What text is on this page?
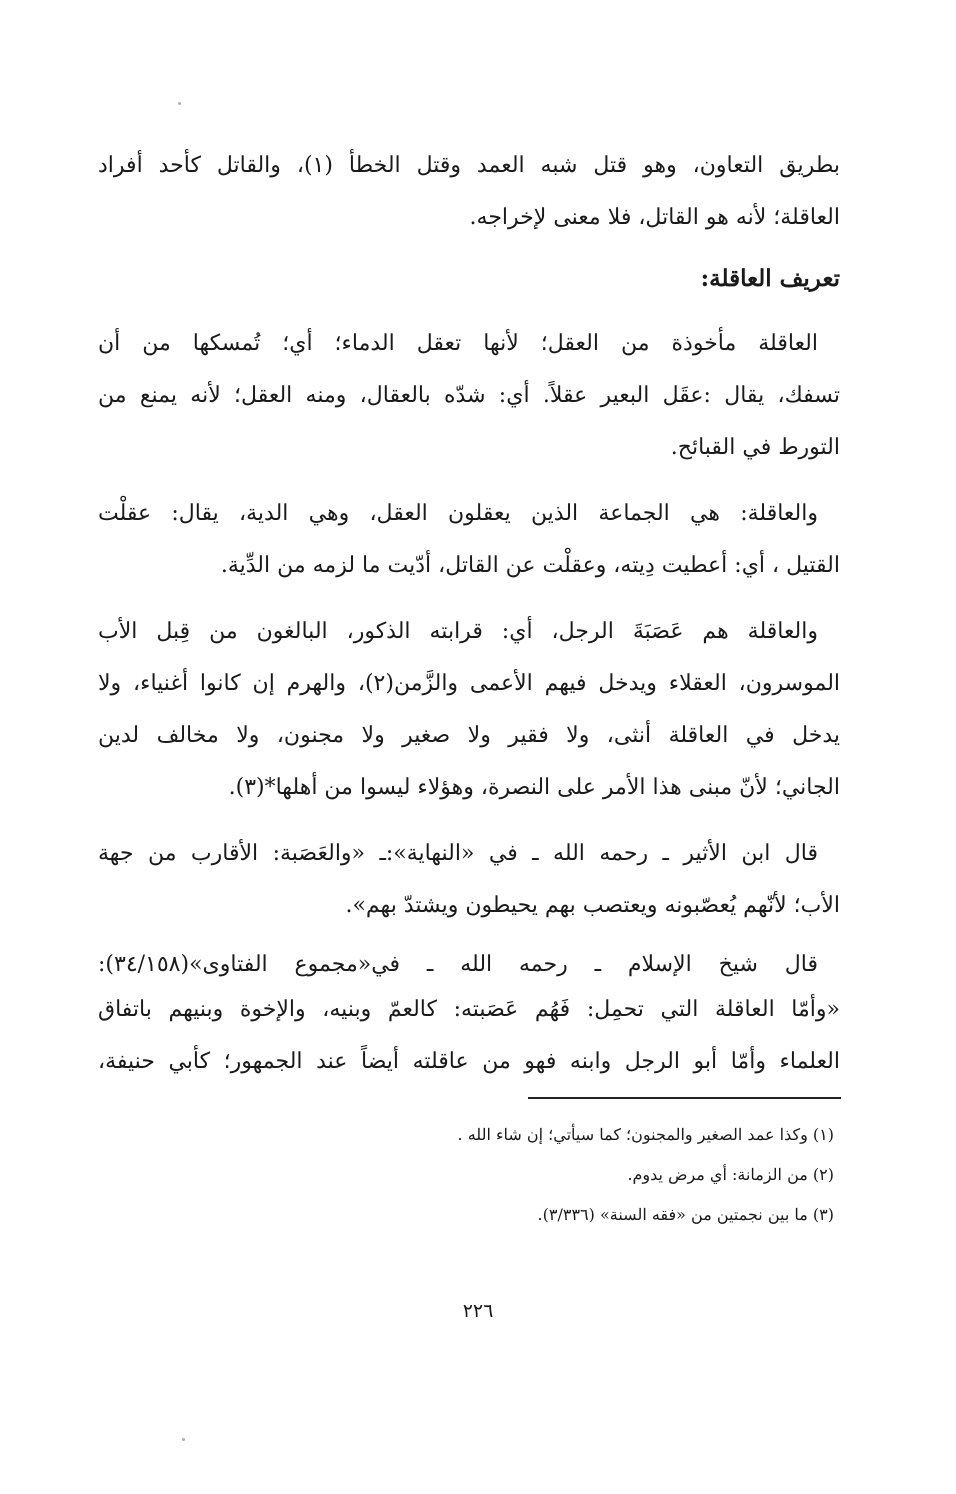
بطريق التعاون، وهو قتل شبه العمد وقتل الخطأ (١)، والقاتل كأحد أفراد
العاقلة؛ لأنه هو القاتل، فلا معنى لإخراجه.
تعريف العاقلة:
العاقلة مأخوذة من العقل؛ لأنها تعقل الدماء؛ أي؛ تُمسكها من أن
تسفك، يقال :عقَل البعير عقلاً. أي: شدّه بالعقال، ومنه العقل؛ لأنه يمنع من
التورط في القبائح.
والعاقلة: هي الجماعة الذين يعقلون العقل، وهي الدية، يقال: عقلْت
القتيل ، أي: أعطيت دِيته، وعقلْت عن القاتل، أدّيت ما لزمه من الدِّية.
والعاقلة هم عَصَبَةَ الرجل، أي: قرابته الذكور، البالغون من قِبل الأب
الموسرون، العقلاء ويدخل فيهم الأعمى والزَّمن(٢)، والهرم إن كانوا أغنياء، ولا
يدخل في العاقلة أنثى، ولا فقير ولا صغير ولا مجنون، ولا مخالف لدين
الجاني؛ لأنّ مبنى هذا الأمر على النصرة، وهؤلاء ليسوا من أهلها*(٣).
قال ابن الأثير ـ رحمه الله ـ في «النهاية»:ـ «والعَصَبة: الأقارب من جهة
الأب؛ لأنّهم يُعصّبونه ويعتصب بهم يحيطون ويشتدّ بهم».
قال شيخ الإسلام ـ رحمه الله ـ في«مجموع الفتاوى»(٣٤/١٥٨):
«وأمّا العاقلة التي تحمِل: فَهُم عَصَبته: كالعمّ وبنيه، والإخوة وبنيهم باتفاق
العلماء وأمّا أبو الرجل وابنه فهو من عاقلته أيضاً عند الجمهور؛ كأبي حنيفة،
(١) وكذا عمد الصغير والمجنون؛ كما سيأتي؛ إن شاء الله .
(٢) من الزمانة: أي مرض يدوم.
(٣) ما بين نجمتين من «فقه السنة» (٣/٣٣٦).
٢٢٦
